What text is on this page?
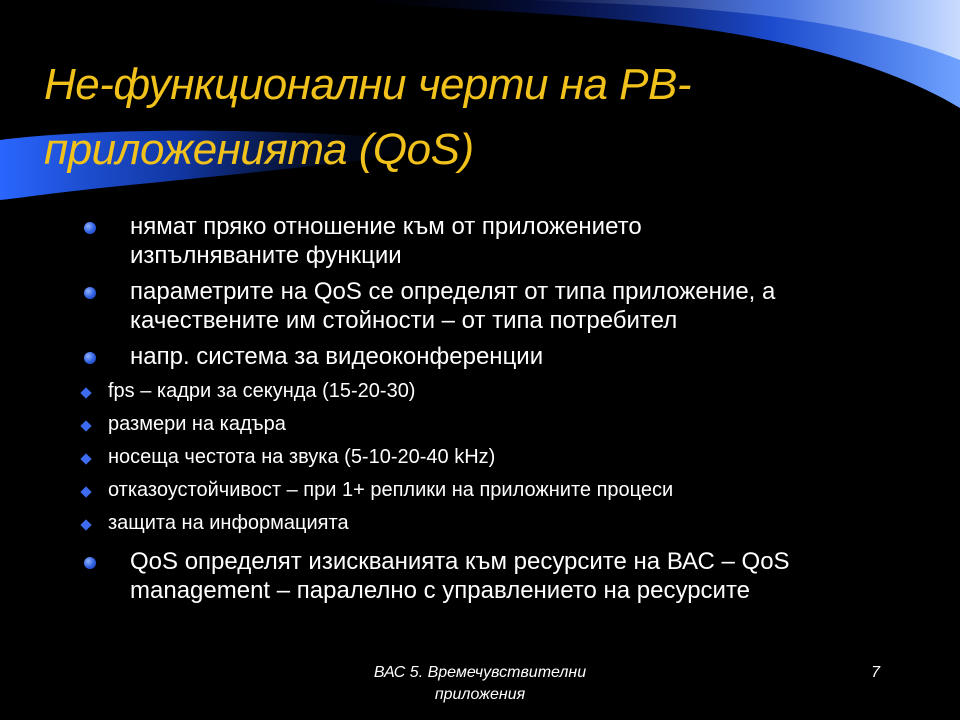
Не-функционални черти на РВ-
приложенията (QoS)
нямат пряко отношение към от приложението
изпълняваните функции
параметрите на QoS се определят от типа приложение, а
качествените им стойности – от типа потребител
напр. система за видеоконференции
fps – кадри за секунда (15-20-30)
размери на кадъра
носеща честота на звука (5-10-20-40 kHz)
отказоустойчивост – при 1+ реплики на приложните процеси
защита на информацията
QoS определят изискванията към ресурсите на ВАС – QoS
management – паралелно с управлението на ресурсите
ВАС 5. Времечувствителни
приложения
7
